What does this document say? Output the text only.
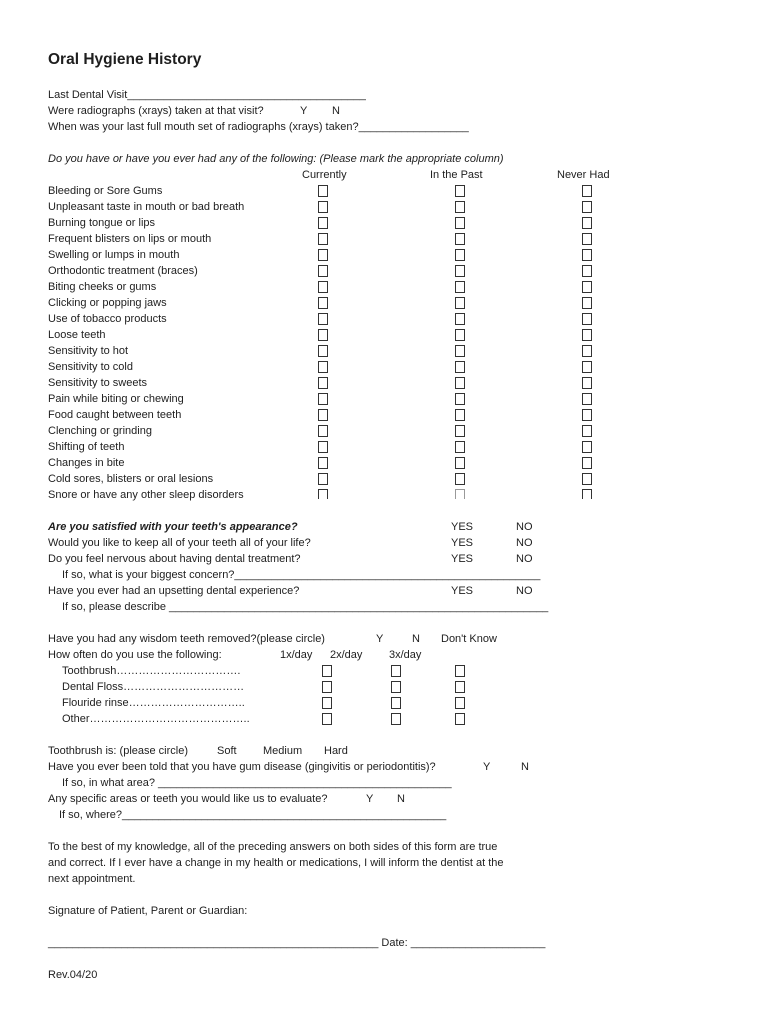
Oral Hygiene History
Last Dental Visit_______________________________________
Were radiographs (xrays) taken at that visit?	Y N
When was your last full mouth set of radiographs (xrays) taken?__________________
Do you have or have you ever had any of the following: (Please mark the appropriate column)
Currently	In the Past	Never Had
Bleeding or Sore Gums
Unpleasant taste in mouth or bad breath
Burning tongue or lips
Frequent blisters on lips or mouth
Swelling or lumps in mouth
Orthodontic treatment (braces)
Biting cheeks or gums
Clicking or popping jaws
Use of tobacco products
Loose teeth
Sensitivity to hot
Sensitivity to cold
Sensitivity to sweets
Pain while biting or chewing
Food caught between teeth
Clenching or grinding
Shifting of teeth
Changes in bite
Cold sores, blisters or oral lesions
Snore or have any other sleep disorders
Are you satisfied with your teeth's appearance?	YES	NO
Would you like to keep all of your teeth all of your life?	YES	NO
Do you feel nervous about having dental treatment?	YES	NO
If so, what is your biggest concern?__________________________________________________
Have you ever had an upsetting dental experience?	YES	NO
If so, please describe ______________________________________________________________
Have you had any wisdom teeth removed?(please circle)	Y	N Don't Know
How often do you use the following:	1x/day 2x/day 3x/day
Toothbrush…………………………….
Dental Floss……………………………
Flouride rinse…………………………..
Other……………………………………..
Toothbrush is: (please circle)	Soft Medium Hard
Have you ever been told that you have gum disease (gingivitis or periodontitis)?	Y	N
If so, in what area? ________________________________________________
Any specific areas or teeth you would like us to evaluate?	Y N
If so, where?_____________________________________________________
To the best of my knowledge, all of the preceding answers on both sides of this form are true
and correct. If I ever have a change in my health or medications, I will inform the dentist at the
next appointment.
Signature of Patient, Parent or Guardian:
______________________________________________________ Date: ______________________
Rev.04/20
